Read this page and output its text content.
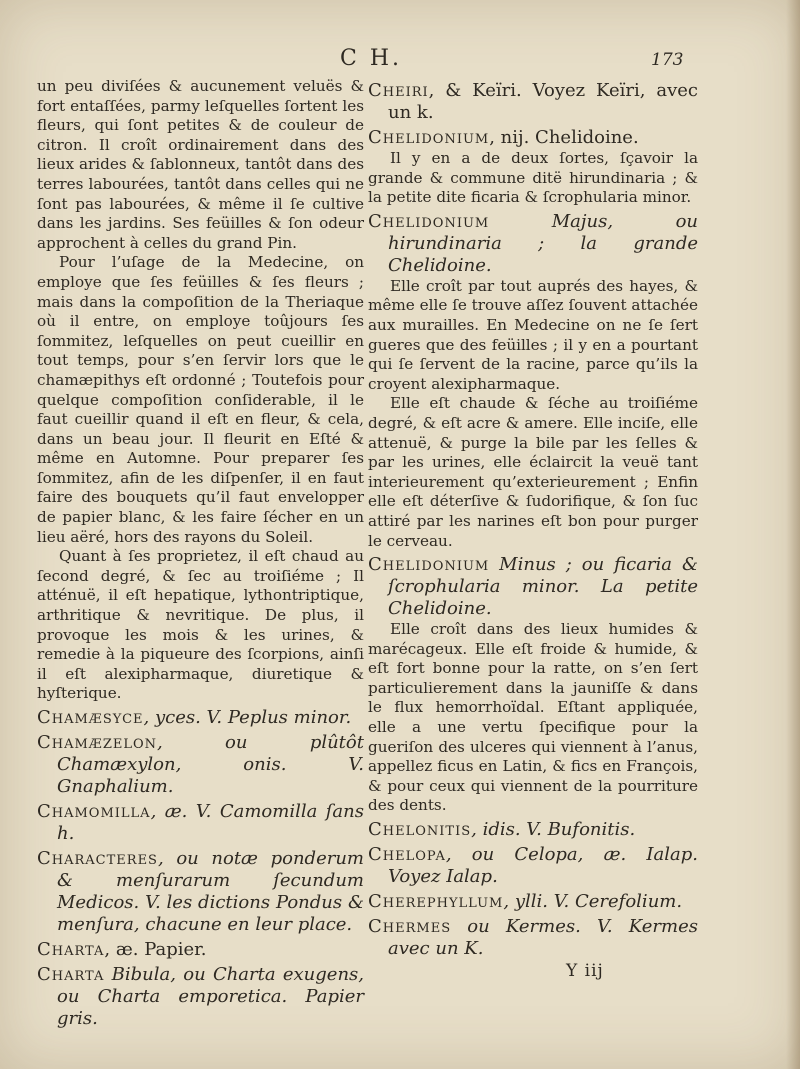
C H.	173

un peu diviſées & aucunement veluës & fort entaſſées, parmy leſquelles ſortent les fleurs, qui ſont petites & de couleur de citron. Il croît ordinairement dans des lieux arides & ſablonneux, tantôt dans des terres labourées, tantôt dans celles qui ne ſont pas labourées, & même il ſe cultive dans les jardins. Ses feüilles & ſon odeur approchent à celles du grand Pin.

Pour l’uſage de la Medecine, on employe que ſes feüilles & ſes fleurs ; mais dans la compoſition de la Theriaque où il entre, on employe toûjours ſes ſommitez, leſquelles on peut cueillir en tout temps, pour s’en ſervir lors que le chamæpithys eſt ordonné ; Toutefois pour quelque compoſition conſiderable, il le faut cueillir quand il eſt en fleur, & cela, dans un beau jour. Il fleurit en Eſté & même en Automne. Pour preparer ſes ſommitez, afin de les diſpenſer, il en faut faire des bouquets qu’il faut envelopper de papier blanc, & les faire ſécher en un lieu aëré, hors des rayons du Soleil.

Quant à ſes proprietez, il eſt chaud au ſecond degré, & ſec au troiſiéme ; Il atténuë, il eſt hepatique, lythontriptique, arthritique & nevritique. De plus, il provoque les mois & les urines, & remedie à la piqueure des ſcorpions, ainſi il eſt alexipharmaque, diuretique & hyſterique.

Chamæsyce, yces. V. Peplus minor.

Chamæzelon, ou plûtôt Chamæxylon, onis. V. Gnaphalium.

Chamomilla, æ. V. Camomilla ſans h.

Characteres, ou notæ ponderum & menſurarum ſecundum Medicos. V. les dictions Pondus & menſura, chacune en leur place.

Charta, æ. Papier.

Charta Bibula, ou Charta exugens, ou Charta emporetica. Papier gris.

Cheiri, & Keïri. Voyez Keïri, avec un k.

Chelidonium, nij. Chelidoine.

Il y en a de deux ſortes, ſçavoir la grande & commune ditë hirundinaria ; & la petite dite ficaria & ſcrophularia minor.

Chelidonium Majus, ou hirundinaria ; la grande Chelidoine.

Elle croît par tout auprés des hayes, & même elle ſe trouve aſſez ſouvent attachée aux murailles. En Medecine on ne ſe ſert gueres que des feüilles ; il y en a pourtant qui ſe ſervent de la racine, parce qu’ils la croyent alexipharmaque.

Elle eſt chaude & ſéche au troiſiéme degré, & eſt acre & amere. Elle inciſe, elle attenuë, & purge la bile par les ſelles & par les urines, elle éclaircit la veuë tant interieurement qu’exterieurement ; Enfin elle eſt déterſive & ſudorifique, & ſon ſuc attiré par les narines eſt bon pour purger le cerveau.

Chelidonium Minus ; ou ficaria & ſcrophularia minor. La petite Chelidoine.

Elle croît dans des lieux humides & marécageux. Elle eſt froide & humide, & eſt fort bonne pour la ratte, on s’en ſert particulierement dans la jauniſſe & dans le flux hemorrhoïdal. Eſtant appliquée, elle a une vertu ſpecifique pour la gueriſon des ulceres qui viennent à l’anus, appellez ficus en Latin, & fics en François, & pour ceux qui viennent de la pourriture des dents.

Chelonitis, idis. V. Bufonitis.

Chelopa, ou Celopa, æ. Ialap. Voyez Ialap.

Cherephyllum, ylli. V. Cerefolium.

Chermes ou Kermes. V. Kermes avec un K.

Y iij
